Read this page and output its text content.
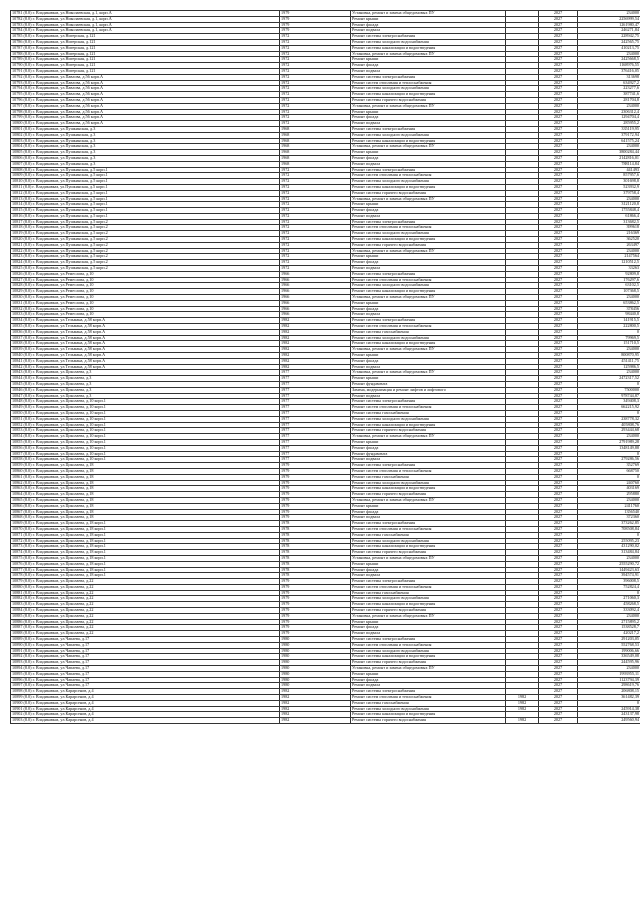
10781 (8.0) г. Владикавказ, ул.Николаевская, д.1, корп.А	1979	Установка, ремонт и замена общедомовых ПУ		2027	234000
10782 (8.0) г. Владикавказ, ул.Николаевская, д.1, корп.А	1979	Ремонт крыши		2027	2256999,54
10783 (8.0) г. Владикавказ, ул.Николаевская, д.1, корп.А	1979	Ремонт фасада		2027	1261980,47
10784 (8.0) г. Владикавказ, ул.Николаевская, д.1, корп.А	1979	Ремонт подвала		2027	246271,84
10785 (8.0) г. Владикавказ, ул.Нигерская, д.121	1972	Ремонт системы электроснабжения		2027	228942,75
10786 (8.0) г. Владикавказ, ул.Нигерская, д.121	1972	Ремонт системы холодного водоснабжения		2027	242565,75
10787 (8.0) г. Владикавказ, ул.Нигерская, д.121	1972	Ремонт системы канализации и водоотведения		2027	410213,75
10788 (8.0) г. Владикавказ, ул.Нигерская, д.121	1972	Установка, ремонт и замена общедомовых ПУ		2027	234000
10789 (8.0) г. Владикавказ, ул.Нигерская, д.121	1972	Ремонт крыши		2027	2425668,5
10790 (8.0) г. Владикавказ, ул.Нигерская, д.121	1972	Ремонт фасада		2027	1168976,55
10791 (8.0) г. Владикавказ, ул.Нигерская, д.121	1972	Ремонт подвала		2027	376416,05
10792 (8.0) г. Владикавказ, ул.Павлова, д.56 корп.А	1972	Ремонт системы электроснабжения		2027	313698
10793 (8.0) г. Владикавказ, ул.Павлова, д.56 корп.А	1972	Ремонт систем отопления и теплоснабжения		2027	634927,2
10794 (8.0) г. Владикавказ, ул.Павлова, д.56 корп.А	1972	Ремонт системы холодного водоснабжения		2027	223277,6
10795 (8.0) г. Владикавказ, ул.Павлова, д.56 корп.А	1972	Ремонт системы канализации и водоотведения		2027	387741,6
10796 (8.0) г. Владикавказ, ул.Павлова, д.56 корп.А	1972	Ремонт системы горячего водоснабжения		2027	281704,8
10797 (8.0) г. Владикавказ, ул.Павлова, д.56 корп.А	1972	Установка, ремонт и замена общедомовых ПУ		2027	234000
10798 (8.0) г. Владикавказ, ул.Павлова, д.56 корп.А	1972	Ремонт крыши		2027	2306312,4
10799 (8.0) г. Владикавказ, ул.Павлова, д.56 корп.А	1972	Ремонт фасада		2027	1294704,4
10800 (8.0) г. Владикавказ, ул.Павлова, д.56 корп.А	1972	Ремонт подвала		2027	285955,2
10801 (8.0) г. Владикавказ, ул.Пушкинская, д.3	1968	Ремонт системы электроснабжения		2027	335119,95
10802 (8.0) г. Владикавказ, ул.Пушкинская, д.3	1968	Ремонт системы холодного водоснабжения		2027	379172,94
10803 (8.0) г. Владикавказ, ул.Пушкинская, д.3	1968	Ремонт системы канализации и водоотведения		2027	641575,24
10804 (8.0) г. Владикавказ, ул.Пушкинская, д.3	1968	Установка, ремонт и замена общедомовых ПУ		2027	234000
10805 (8.0) г. Владикавказ, ул.Пушкинская, д.3	1968	Ремонт крыши		2027	3800284,44
10806 (8.0) г. Владикавказ, ул.Пушкинская, д.3	1968	Ремонт фасада		2027	2142816,01
10807 (8.0) г. Владикавказ, ул.Пушкинская, д.3	1968	Ремонт подвала		2027	788114,84
10808 (8.0) г. Владикавказ, ул.Пушкинская, д.5 корп.1	1972	Ремонт системы электроснабжения		2027	441493
10809 (8.0) г. Владикавказ, ул.Пушкинская, д.5 корп.1	1972	Ремонт систем отопления и теплоснабжения		2027	857957,6
10810 (8.0) г. Владикавказ, ул.Пушкинская, д.5 корп.1	1972	Ремонт системы холодного водоснабжения		2027	301698,8
10811 (8.0) г. Владикавказ, ул.Пушкинская, д.5 корп.1	1972	Ремонт системы канализации и водоотведения		2027	523932,9
10812 (8.0) г. Владикавказ, ул.Пушкинская, д.5 корп.1	1972	Ремонт системы горячего водоснабжения		2027	379758,4
10813 (8.0) г. Владикавказ, ул.Пушкинская, д.5 корп.1	1972	Установка, ремонт и замена общедомовых ПУ		2027	234000
10814 (8.0) г. Владикавказ, ул.Пушкинская, д.5 корп.1	1972	Ремонт крыши		2027	3121120,8
10815 (8.0) г. Владикавказ, ул.Пушкинская, д.5 корп.1	1972	Ремонт фасада		2027	1755848,4
10816 (8.0) г. Владикавказ, ул.Пушкинская, д.5 корп.1	1972	Ремонт подвала		2027	61866,4
10817 (8.0) г. Владикавказ, ул.Пушкинская, д.5 корп.2	1972	Ремонт системы электроснабжения		2027	313682,5
10818 (8.0) г. Владикавказ, ул.Пушкинская, д.5 корп.2	1972	Ремонт систем отопления и теплоснабжения		2027	399618
10819 (8.0) г. Владикавказ, ул.Пушкинская, д.5 корп.2	1972	Ремонт системы холодного водоснабжения		2027	216369
10820 (8.0) г. Владикавказ, ул.Пушкинская, д.5 корп.2	1972	Ремонт системы канализации и водоотведения		2027	362520
10821 (8.0) г. Владикавказ, ул.Пушкинская, д.5 корп.2	1972	Ремонт системы горячего водоснабжения		2027	263497
10822 (8.0) г. Владикавказ, ул.Пушкинская, д.5 корп.2	1972	Установка, ремонт и замена общедомовых ПУ		2027	234000
10823 (8.0) г. Владикавказ, ул.Пушкинская, д.5 корп.2	1972	Ремонт крыши		2027	2147564
10824 (8.0) г. Владикавказ, ул.Пушкинская, д.5 корп.2	1972	Ремонт фасада		2027	1210512,5
10825 (8.0) г. Владикавказ, ул.Пушкинская, д.5 корп.2	1972	Ремонт подвала		2027	33263
10826 (8.0) г. Владикавказ, ул.Ремеслова, д.10	1966	Ремонт системы электроснабжения		2027	92809,8
10827 (8.0) г. Владикавказ, ул.Ремеслова, д.10	1966	Ремонт систем отопления и теплоснабжения		2027	176297,6
10828 (8.0) г. Владикавказ, ул.Ремеслова, д.10	1966	Ремонт системы холодного водоснабжения		2027	63102,5
10829 (8.0) г. Владикавказ, ул.Ремеслова, д.10	1966	Ремонт системы канализации и водоотведения		2027	107368,5
10830 (8.0) г. Владикавказ, ул.Ремеслова, д.10	1966	Установка, ремонт и замена общедомовых ПУ		2027	234000
10831 (8.0) г. Владикавказ, ул.Ремеслова, д.10	1966	Ремонт крыши		2027	653862,5
10832 (8.0) г. Владикавказ, ул.Ремеслова, д.10	1966	Ремонт фасада		2027	378456
10833 (8.0) г. Владикавказ, ул.Ремеслова, д.10	1966	Ремонт подвала		2027	98440,8
10834 (8.0) г. Владикавказ, ул.Тельмана, д.58 корп.А	1982	Ремонт системы электроснабжения		2027	141915,5
10835 (8.0) г. Владикавказ, ул.Тельмана, д.58 корп.А	1982	Ремонт систем отопления и теплоснабжения		2027	222800,5
10836 (8.0) г. Владикавказ, ул.Тельмана, д.58 корп.А	1982	Ремонт системы газоснабжения		2027	0
10837 (8.0) г. Владикавказ, ул.Тельмана, д.58 корп.А	1982	Ремонт системы холодного водоснабжения		2027	79969,5
10838 (8.0) г. Владикавказ, ул.Тельмана, д.58 корп.А	1982	Ремонт системы канализации и водоотведения		2027	151710,5
10839 (8.0) г. Владикавказ, ул.Тельмана, д.58 корп.А	1982	Установка, ремонт и замена общедомовых ПУ		2027	234000
10840 (8.0) г. Владикавказ, ул.Тельмана, д.58 корп.А	1982	Ремонт крыши		2027	800870,95
10841 (8.0) г. Владикавказ, ул.Тельмана, д.58 корп.А	1982	Ремонт фасада		2027	451411,75
10842 (8.0) г. Владикавказ, ул.Тельмана, д.58 корп.А	1982	Ремонт подвала		2027	125986,5
10843 (8.0) г. Владикавказ, ул.Цоколаева, д.3	1977	Установка, ремонт и замена общедомовых ПУ		2027	234000
10844 (8.0) г. Владикавказ, ул.Цоколаева, д.3	1977	Ремонт крыши		2027	2472317,52
10845 (8.0) г. Владикавказ, ул.Цоколаева, д.3	1977	Ремонт фундамента		2027	0
10846 (8.0) г. Владикавказ, ул.Цоколаева, д.3	1977	Замена, модернизация и ремонт лифтов и лифтового		2027	7500000
10847 (8.0) г. Владикавказ, ул.Цоколаева, д.3	1977	Ремонт подвала		2027	978744,87
10848 (8.0) г. Владикавказ, ул.Цоколаева, д.10 корп.1	1977	Ремонт системы электроснабжения		2027	349408,3
10849 (8.0) г. Владикавказ, ул.Цоколаева, д.10 корп.1	1977	Ремонт систем отопления и теплоснабжения		2027	662215,92
10850 (8.0) г. Владикавказ, ул.Цоколаева, д.10 корп.1	1977	Ремонт системы газоснабжения		2027	0
10851 (8.0) г. Владикавказ, ул.Цоколаева, д.10 корп.1	1977	Ремонт системы холодного водоснабжения		2027	238778,32
10852 (8.0) г. Владикавказ, ул.Цоколаева, д.10 корп.1	1977	Ремонт системы канализации и водоотведения		2027	405808,76
10853 (8.0) г. Владикавказ, ул.Цоколаева, д.10 корп.1	1977	Ремонт системы горячего водоснабжения		2027	293444,68
10854 (8.0) г. Владикавказ, ул.Цоколаева, д.10 корп.1	1977	Установка, ремонт и замена общедомовых ПУ		2027	234000
10855 (8.0) г. Владикавказ, ул.Цоколаева, д.10 корп.1	1977	Ремонт крыши		2027	2791989,28
10856 (8.0) г. Владикавказ, ул.Цоколаева, д.10 корп.1	1977	Ремонт фасада		2027	1348149,88
10857 (8.0) г. Владикавказ, ул.Цоколаева, д.10 корп.1	1977	Ремонт фундамента		2027	0
10858 (8.0) г. Владикавказ, ул.Цоколаева, д.10 корп.1	1977	Ремонт подвала		2027	279286,56
10859 (8.0) г. Владикавказ, ул.Цоколаева, д.18	1979	Ремонт системы электроснабжения		2027	352769
10860 (8.0) г. Владикавказ, ул.Цоколаева, д.18	1979	Ремонт систем отопления и теплоснабжения		2027	668750
10861 (8.0) г. Владикавказ, ул.Цоколаева, д.18	1979	Ремонт системы газоснабжения		2027	0
10862 (8.0) г. Владикавказ, ул.Цоколаева, д.18	1979	Ремонт системы холодного водоснабжения		2027	240760
10863 (8.0) г. Владикавказ, ул.Цоколаева, д.18	1979	Ремонт системы канализации и водоотведения		2027	403169
10864 (8.0) г. Владикавказ, ул.Цоколаева, д.18	1979	Ремонт системы горячего водоснабжения		2027	295880
10865 (8.0) г. Владикавказ, ул.Цоколаева, д.18	1979	Установка, ремонт и замена общедомовых ПУ		2027	234000
10866 (8.0) г. Владикавказ, ул.Цоколаева, д.18	1979	Ремонт крыши		2027	2411760
10867 (8.0) г. Владикавказ, ул.Цоколаева, д.18	1979	Ремонт фасада		2027	1356540
10868 (8.0) г. Владикавказ, ул.Цоколаева, д.18	1979	Ремонт подвала		2027	372360
10869 (8.0) г. Владикавказ, ул.Цоколаева, д.18 корп.1	1978	Ремонт системы электроснабжения		2027	373262,85
10870 (8.0) г. Владикавказ, ул.Цоколаева, д.18 корп.1	1978	Ремонт систем отопления и теплоснабжения		2027	708508,84
10871 (8.0) г. Владикавказ, ул.Цоколаева, д.18 корп.1	1978	Ремонт системы газоснабжения		2027	0
10872 (8.0) г. Владикавказ, ул.Цоколаева, д.18 корп.1	1978	Ремонт системы холодного водоснабжения		2027	255095,23
10873 (8.0) г. Владикавказ, ул.Цоколаева, д.18 корп.1	1978	Ремонт системы канализации и водоотведения		2027	431290,02
10874 (8.0) г. Владикавказ, ул.Цоколаева, д.18 корп.1	1978	Ремонт системы горячего водоснабжения		2027	313484,84
10875 (8.0) г. Владикавказ, ул.Цоколаева, д.18 корп.1	1978	Установка, ремонт и замена общедомовых ПУ		2027	234000
10876 (8.0) г. Владикавказ, ул.Цоколаева, д.18 корп.1	1978	Ремонт крыши		2027	2555290,72
10877 (8.0) г. Владикавказ, ул.Цоколаева, д.18 корп.1	1978	Ремонт фасада		2027	1449423,63
10878 (8.0) г. Владикавказ, ул.Цоколаева, д.18 корп.1	1978	Ремонт подвала		2027	394574,91
10879 (8.0) г. Владикавказ, ул.Цоколаева, д.22	1979	Ремонт системы электроснабжения		2027	396008,5
10880 (8.0) г. Владикавказ, ул.Цоколаева, д.22	1979	Ремонт систем отопления и теплоснабжения		2027	752824,4
10881 (8.0) г. Владикавказ, ул.Цоколаева, д.22	1979	Ремонт системы газоснабжения		2027	0
10882 (8.0) г. Владикавказ, ул.Цоколаева, д.22	1979	Ремонт системы холодного водоснабжения		2027	271060,3
10883 (8.0) г. Владикавказ, ул.Цоколаева, д.22	1979	Ремонт системы канализации и водоотведения		2027	458268,5
10884 (8.0) г. Владикавказ, ул.Цоколаева, д.22	1979	Ремонт системы горячего водоснабжения		2027	333092,4
10885 (8.0) г. Владикавказ, ул.Цоколаева, д.22	1979	Установка, ремонт и замена общедомовых ПУ		2027	234000
10886 (8.0) г. Владикавказ, ул.Цоколаева, д.22	1979	Ремонт крыши		2027	2715895,2
10887 (8.0) г. Владикавказ, ул.Цоколаева, д.22	1979	Ремонт фасада		2027	1538528,7
10888 (8.0) г. Владикавказ, ул.Цоколаева, д.22	1979	Ремонт подвала		2027	420217,2
10889 (8.0) г. Владикавказ, ул.Чапаева, д.17	1980	Ремонт системы электроснабжения		2027	291203,05
10890 (8.0) г. Владикавказ, ул.Чапаева, д.17	1980	Ремонт систем отопления и теплоснабжения		2027	552768,53
10891 (8.0) г. Владикавказ, ул.Чапаева, д.17	1980	Ремонт системы холодного водоснабжения		2027	199006,66
10892 (8.0) г. Владикавказ, ул.Чапаева, д.17	1980	Ремонт системы канализации и водоотведения		2027	336549,08
10893 (8.0) г. Владикавказ, ул.Чапаева, д.17	1980	Ремонт системы горячего водоснабжения		2027	244595,96
10894 (8.0) г. Владикавказ, ул.Чапаева, д.17	1980	Установка, ремонт и замена общедомовых ПУ		2027	234000
10895 (8.0) г. Владикавказ, ул.Чапаева, д.17	1980	Ремонт крыши		2027	1993955,11
10896 (8.0) г. Владикавказ, ул.Чапаева, д.17	1980	Ремонт фасада		2027	1123794,39
10897 (8.0) г. Владикавказ, ул.Чапаева, д.17	1980	Ремонт подвала		2027	298619,76
10898 (8.0) г. Владикавказ, ул.Карарсенов, д.4	1982	Ремонт системы электроснабжения		2027	206808,15
10899 (8.0) г. Владикавказ, ул.Карарсенов, д.4	1982	Ремонт систем отопления и теплоснабжения	1982	2027	361482,39
10900 (8.0) г. Владикавказ, ул.Карарсенов, д.4	1982	Ремонт системы газоснабжения	1982	2027	0
10901 (8.0) г. Владикавказ, ул.Карарсенов, д.4	1982	Ремонт системы холодного водоснабжения	1982	2027	245914,38
10902 (8.0) г. Владикавказ, ул.Карарсенов, д.4	1982	Ремонт системы канализации и водоотведения		2027	243137,98
10903 (8.0) г. Владикавказ, ул.Карарсенов, д.4	1982	Ремонт системы горячего водоснабжения	1982	2027	249560,94
